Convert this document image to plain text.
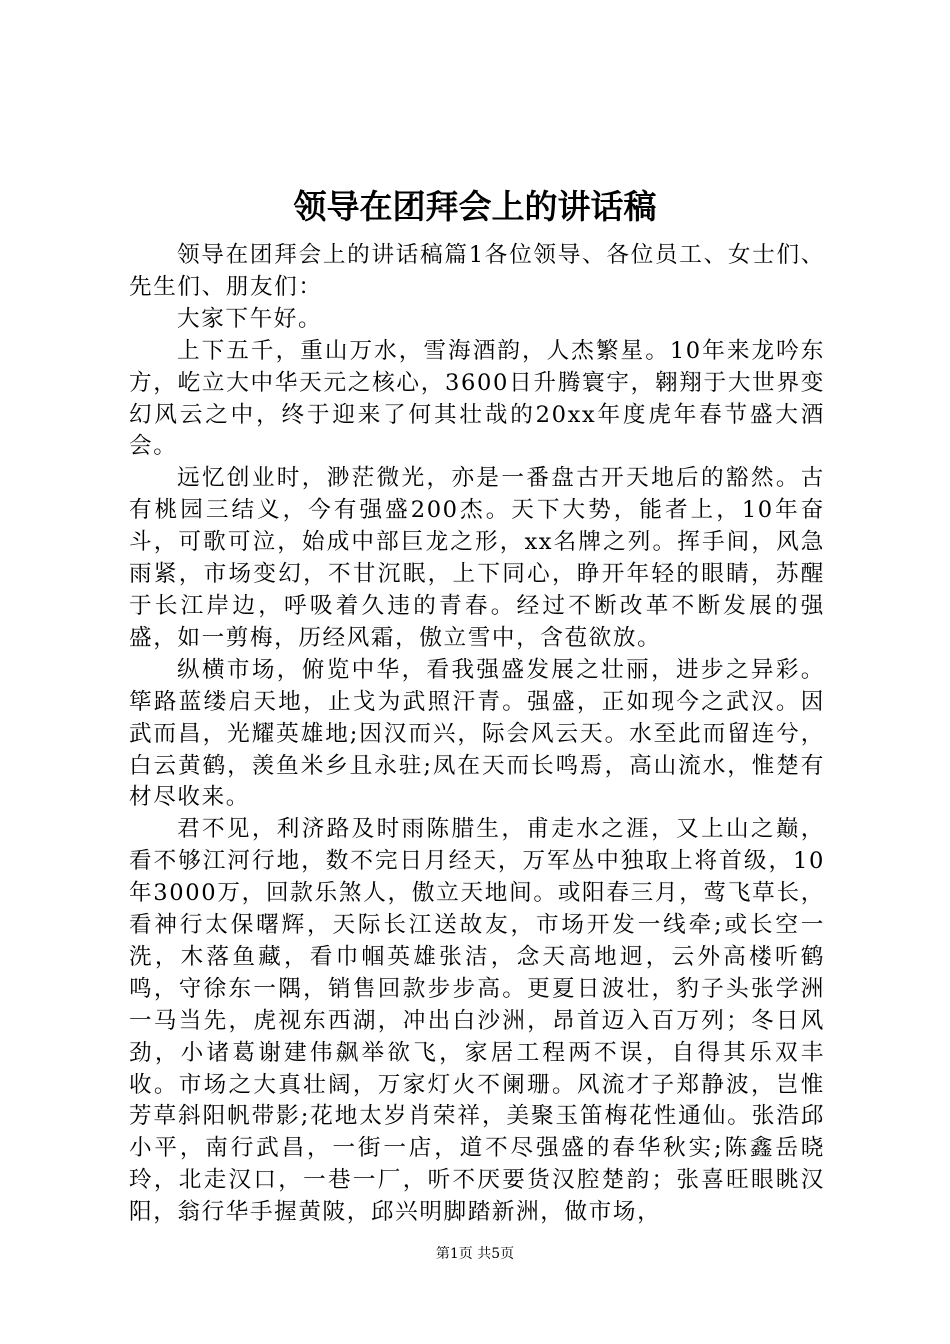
领导在团拜会上的讲话稿

领导在团拜会上的讲话稿篇1各位领导、各位员工、女士们、先生们、朋友们：

大家下午好。

上下五千，重山万水，雪海酒韵，人杰繁星。10年来龙吟东方，屹立大中华天元之核心，3600日升腾寰宇，翱翔于大世界变幻风云之中，终于迎来了何其壮哉的20xx年度虎年春节盛大酒会。

远忆创业时，渺茫微光，亦是一番盘古开天地后的豁然。古有桃园三结义，今有强盛200杰。天下大势，能者上，10年奋斗，可歌可泣，始成中部巨龙之形，xx名牌之列。挥手间，风急雨紧，市场变幻，不甘沉眠，上下同心，睁开年轻的眼睛，苏醒于长江岸边，呼吸着久违的青春。经过不断改革不断发展的强盛，如一剪梅，历经风霜，傲立雪中，含苞欲放。

纵横市场，俯览中华，看我强盛发展之壮丽，进步之异彩。筚路蓝缕启天地，止戈为武照汗青。强盛，正如现今之武汉。因武而昌，光耀英雄地;因汉而兴，际会风云天。水至此而留连兮，白云黄鹤，羡鱼米乡且永驻;凤在天而长鸣焉，高山流水，惟楚有材尽收来。

君不见，利济路及时雨陈腊生，甫走水之涯，又上山之巅，看不够江河行地，数不完日月经天，万军丛中独取上将首级，10年3000万，回款乐煞人，傲立天地间。或阳春三月，莺飞草长，看神行太保曙辉，天际长江送故友，市场开发一线牵;或长空一洗，木落鱼藏，看巾帼英雄张洁，念天高地迥，云外高楼听鹤鸣，守徐东一隅，销售回款步步高。更夏日波壮，豹子头张学洲一马当先，虎视东西湖，冲出白沙洲，昂首迈入百万列；冬日风劲，小诸葛谢建伟飙举欲飞，家居工程两不误，自得其乐双丰收。市场之大真壮阔，万家灯火不阑珊。风流才子郑静波，岂惟芳草斜阳帆带影;花地太岁肖荣祥，美聚玉笛梅花性通仙。张浩邱小平，南行武昌，一街一店，道不尽强盛的春华秋实;陈鑫岳晓玲，北走汉口，一巷一厂，听不厌要货汉腔楚韵；张喜旺眼眺汉阳，翁行华手握黄陂，邱兴明脚踏新洲，做市场，

第1页 共5页
